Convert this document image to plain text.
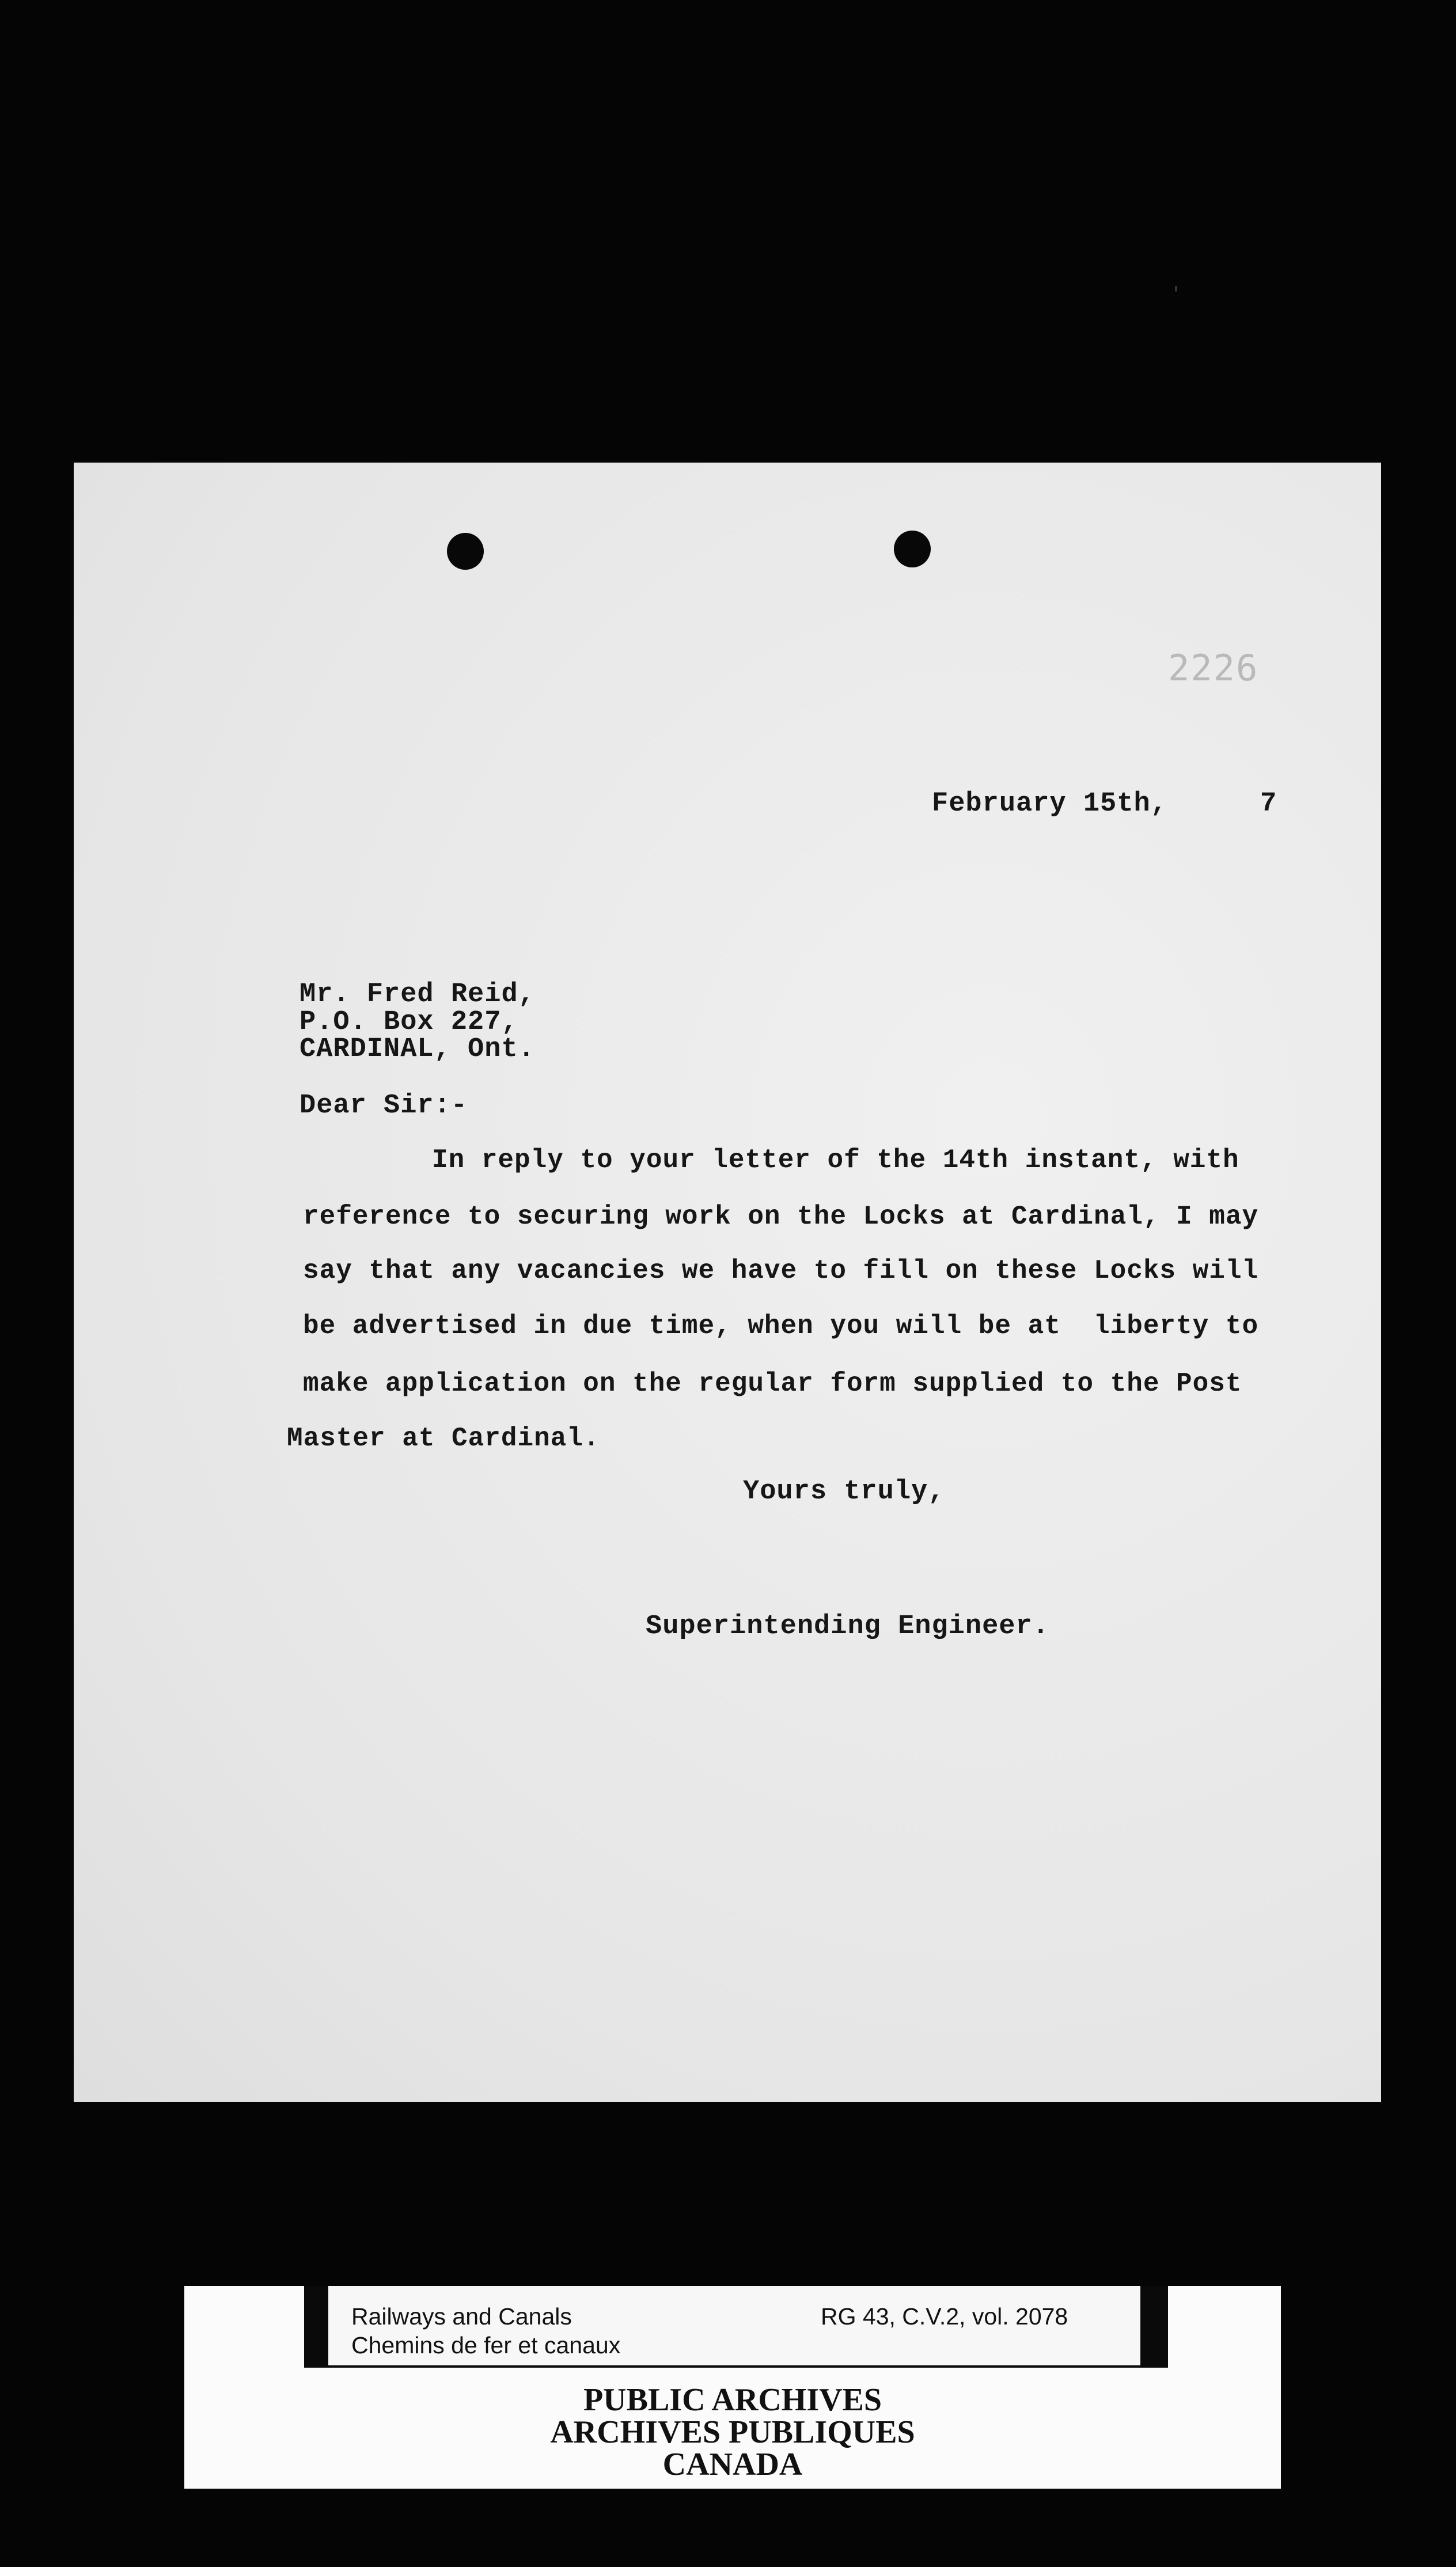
2226
February 15th,	7
Mr. Fred Reid,
P.O. Box 227,
CARDINAL, Ont.
Dear Sir:-
In reply to your letter of the 14th instant, with
reference to securing work on the Locks at Cardinal, I may
say that any vacancies we have to fill on these Locks will
be advertised in due time, when you will be at  liberty to
make application on the regular form supplied to the Post
Master at Cardinal.
Yours truly,
Superintending Engineer.
Railways and Canals
Chemins de fer et canaux
RG 43, C.V.2, vol. 2078
PUBLIC ARCHIVES
ARCHIVES PUBLIQUES
CANADA
